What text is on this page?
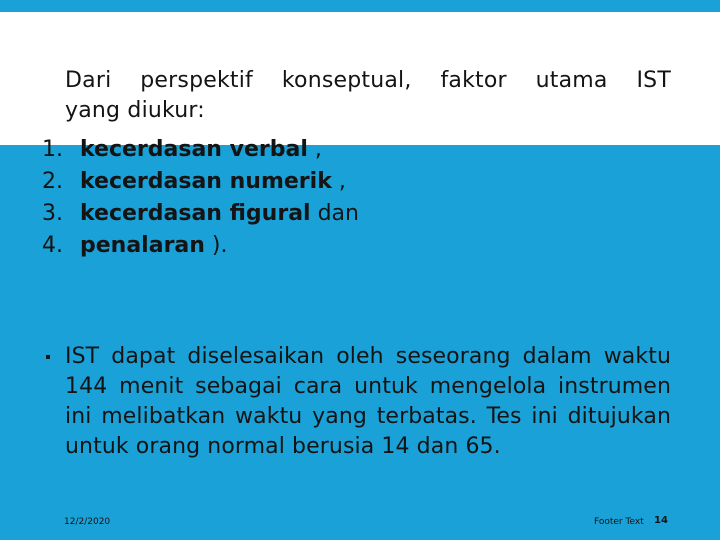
Dari perspektif konseptual, faktor utama IST
yang diukur:
1. kecerdasan verbal ,
2. kecerdasan numerik ,
3. kecerdasan figural dan
4. penalaran ).
IST dapat diselesaikan oleh seseorang dalam waktu 144 menit sebagai cara untuk mengelola instrumen ini melibatkan waktu yang terbatas. Tes ini ditujukan untuk orang normal berusia 14 dan 65.
12/2/2020	Footer Text 14
